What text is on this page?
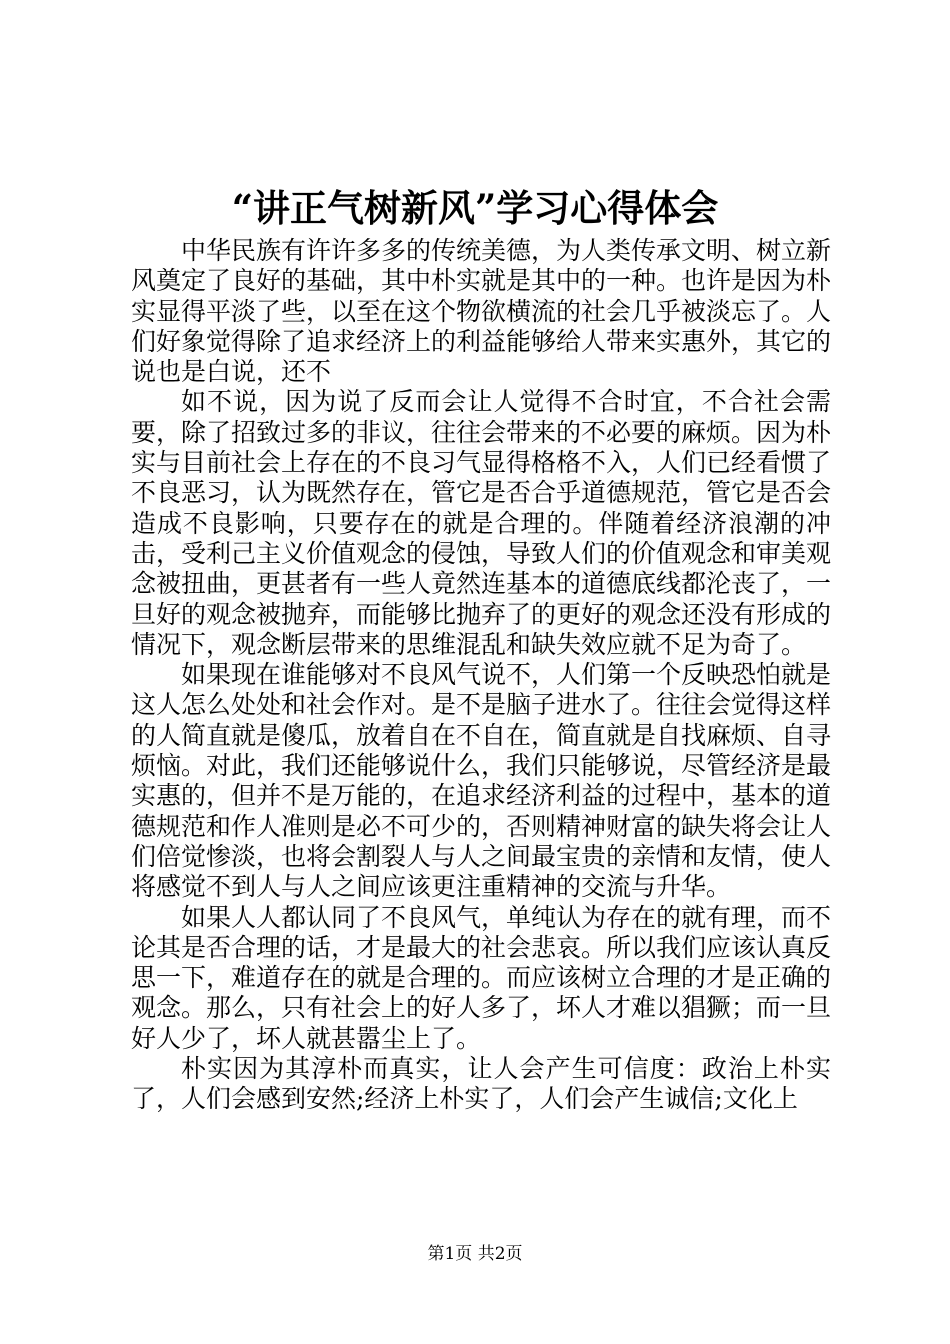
“讲正气树新风”学习心得体会

中华民族有许许多多的传统美德，为人类传承文明、树立新风奠定了良好的基础，其中朴实就是其中的一种。也许是因为朴实显得平淡了些，以至在这个物欲横流的社会几乎被淡忘了。人们好象觉得除了追求经济上的利益能够给人带来实惠外，其它的说也是白说，还不

如不说，因为说了反而会让人觉得不合时宜，不合社会需要，除了招致过多的非议，往往会带来的不必要的麻烦。因为朴实与目前社会上存在的不良习气显得格格不入，人们已经看惯了不良恶习，认为既然存在，管它是否合乎道德规范，管它是否会造成不良影响，只要存在的就是合理的。伴随着经济浪潮的冲击，受利己主义价值观念的侵蚀，导致人们的价值观念和审美观念被扭曲，更甚者有一些人竟然连基本的道德底线都沦丧了，一旦好的观念被抛弃，而能够比抛弃了的更好的观念还没有形成的情况下，观念断层带来的思维混乱和缺失效应就不足为奇了。

如果现在谁能够对不良风气说不，人们第一个反映恐怕就是这人怎么处处和社会作对。是不是脑子进水了。往往会觉得这样的人简直就是傻瓜，放着自在不自在，简直就是自找麻烦、自寻烦恼。对此，我们还能够说什么，我们只能够说，尽管经济是最实惠的，但并不是万能的，在追求经济利益的过程中，基本的道德规范和作人准则是必不可少的，否则精神财富的缺失将会让人们倍觉惨淡，也将会割裂人与人之间最宝贵的亲情和友情，使人将感觉不到人与人之间应该更注重精神的交流与升华。

如果人人都认同了不良风气，单纯认为存在的就有理，而不论其是否合理的话，才是最大的社会悲哀。所以我们应该认真反思一下，难道存在的就是合理的。而应该树立合理的才是正确的观念。那么，只有社会上的好人多了，坏人才难以猖獗；而一旦好人少了，坏人就甚嚣尘上了。

朴实因为其淳朴而真实，让人会产生可信度：政治上朴实了，人们会感到安然;经济上朴实了，人们会产生诚信;文化上

第1页 共2页
